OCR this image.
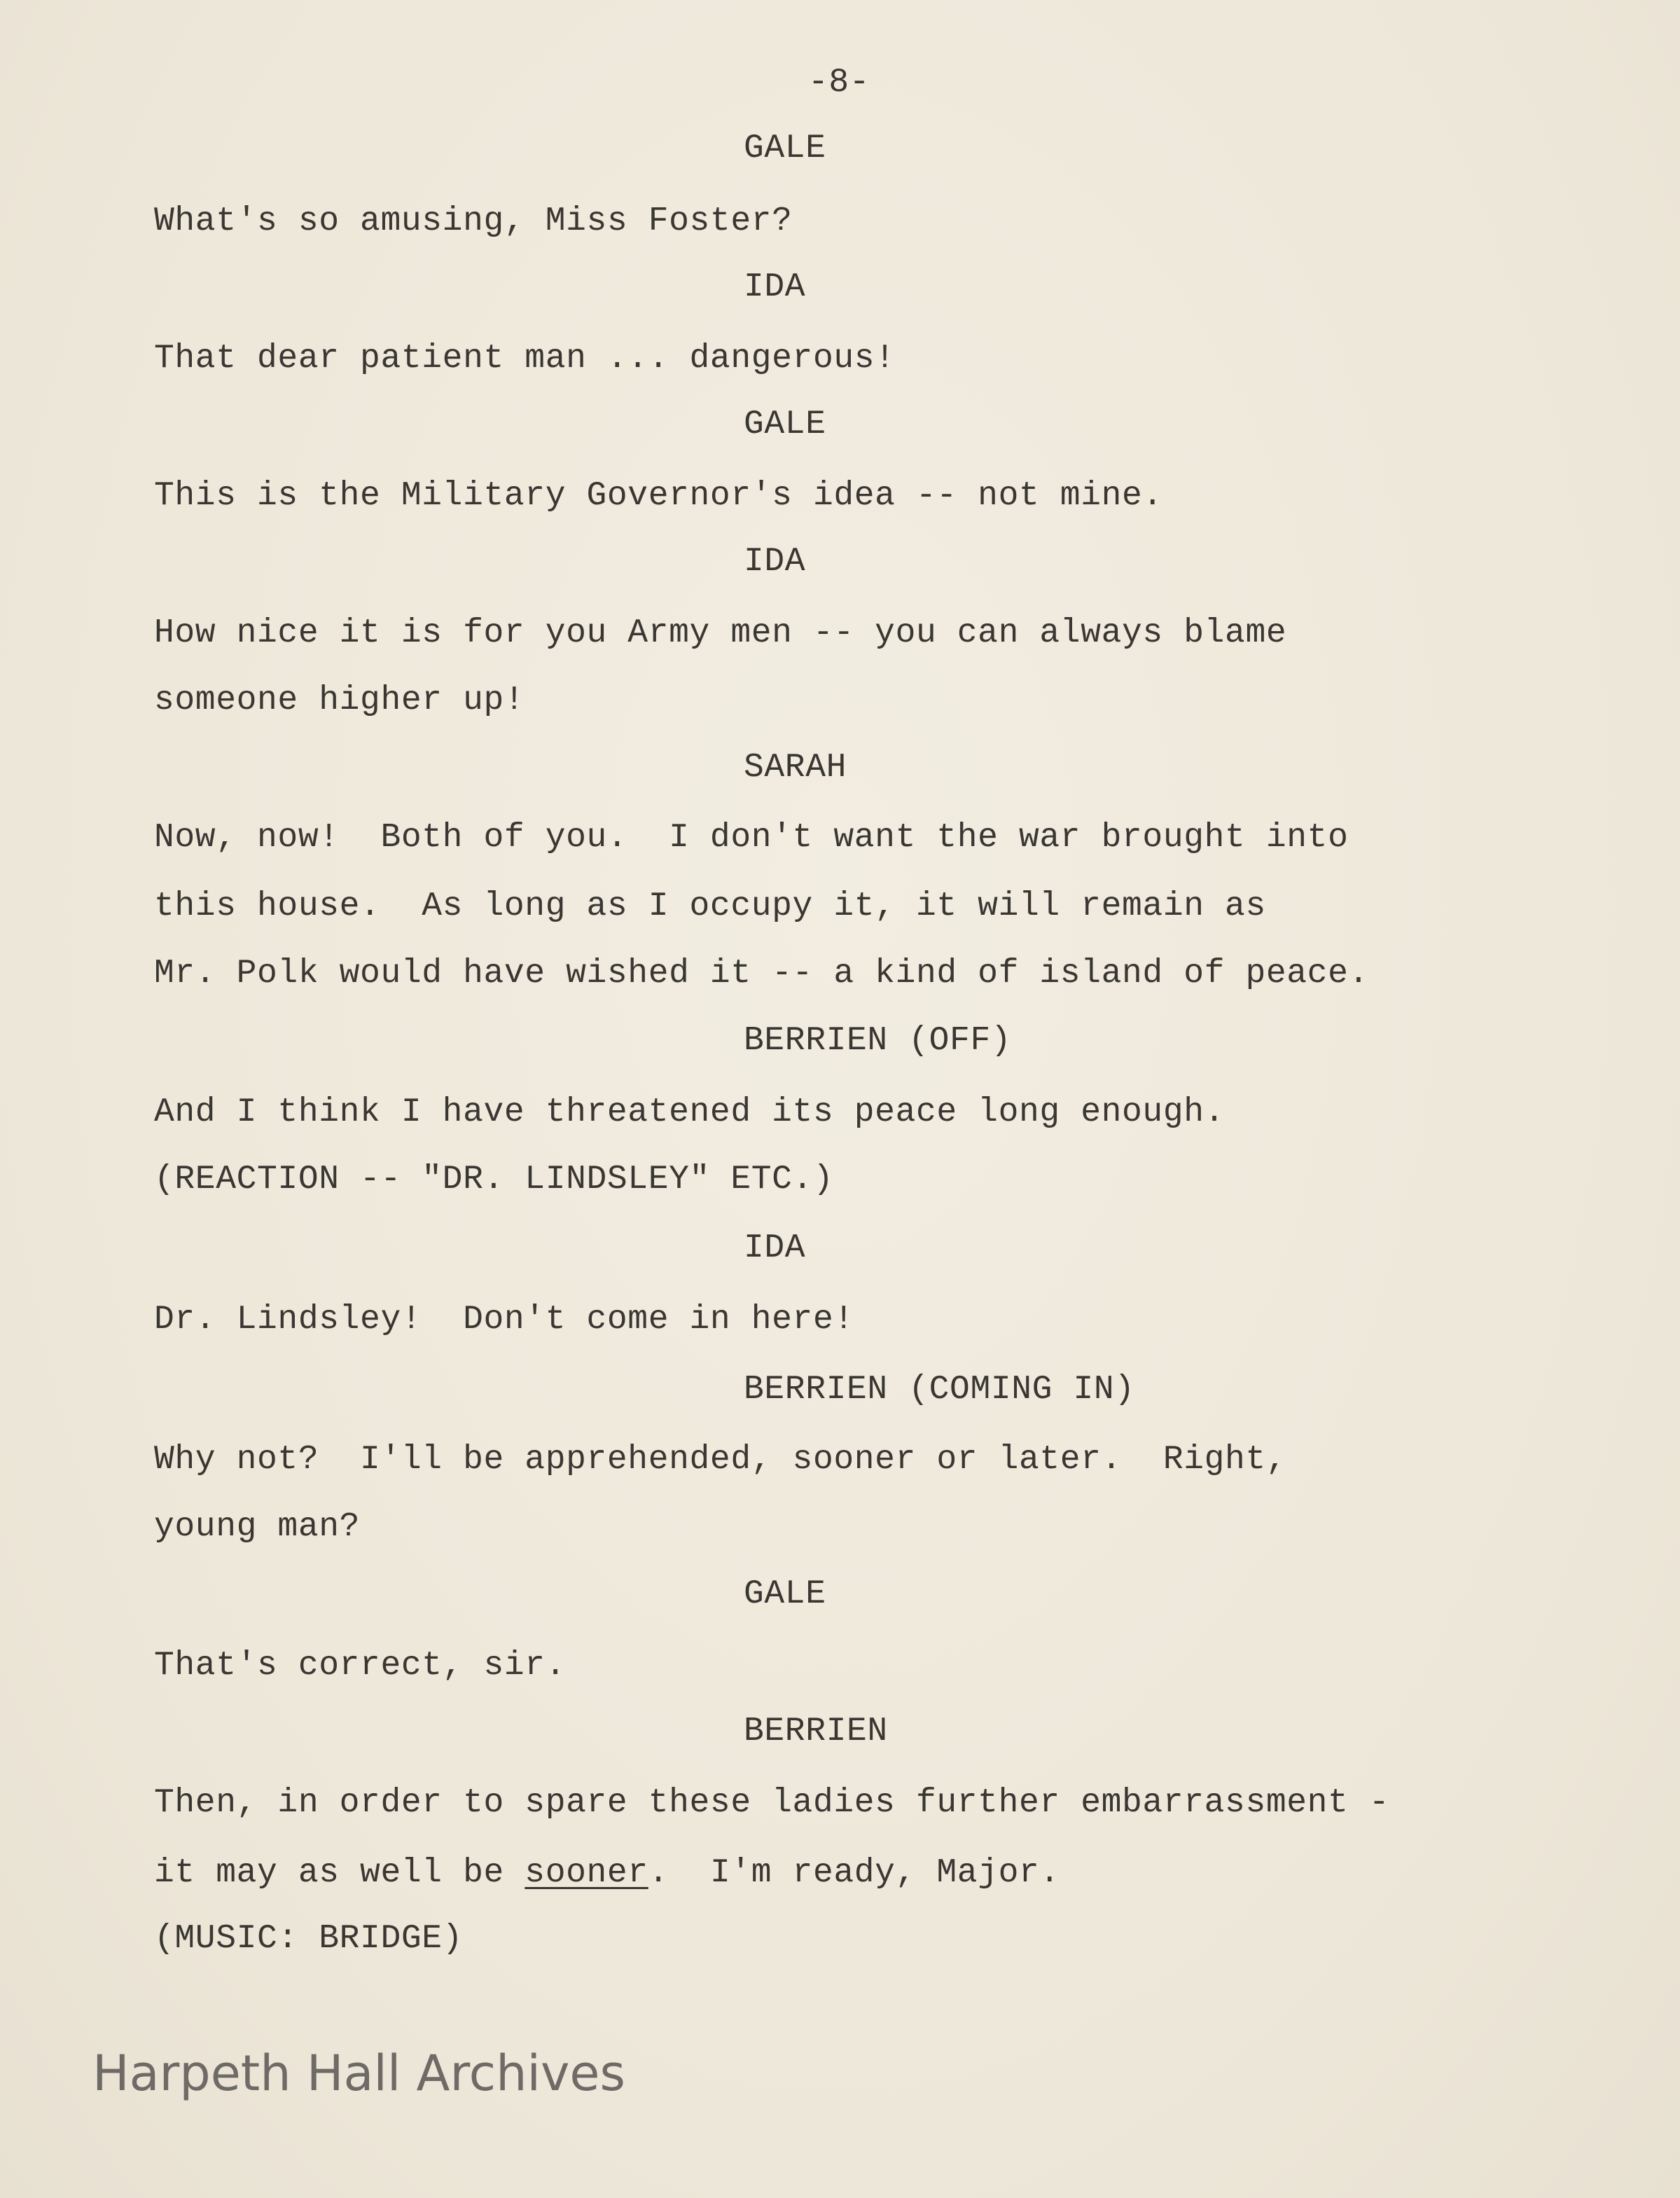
-8-
GALE
What's so amusing, Miss Foster?
IDA
That dear patient man ... dangerous!
GALE
This is the Military Governor's idea -- not mine.
IDA
How nice it is for you Army men -- you can always blame
someone higher up!
SARAH
Now, now!  Both of you.  I don't want the war brought into
this house.  As long as I occupy it, it will remain as
Mr. Polk would have wished it -- a kind of island of peace.
BERRIEN (OFF)
And I think I have threatened its peace long enough.
(REACTION -- "DR. LINDSLEY" ETC.)
IDA
Dr. Lindsley!  Don't come in here!
BERRIEN (COMING IN)
Why not?  I'll be apprehended, sooner or later.  Right,
young man?
GALE
That's correct, sir.
BERRIEN
Then, in order to spare these ladies further embarrassment -
it may as well be sooner.  I'm ready, Major.
(MUSIC: BRIDGE)
Harpeth Hall Archives
